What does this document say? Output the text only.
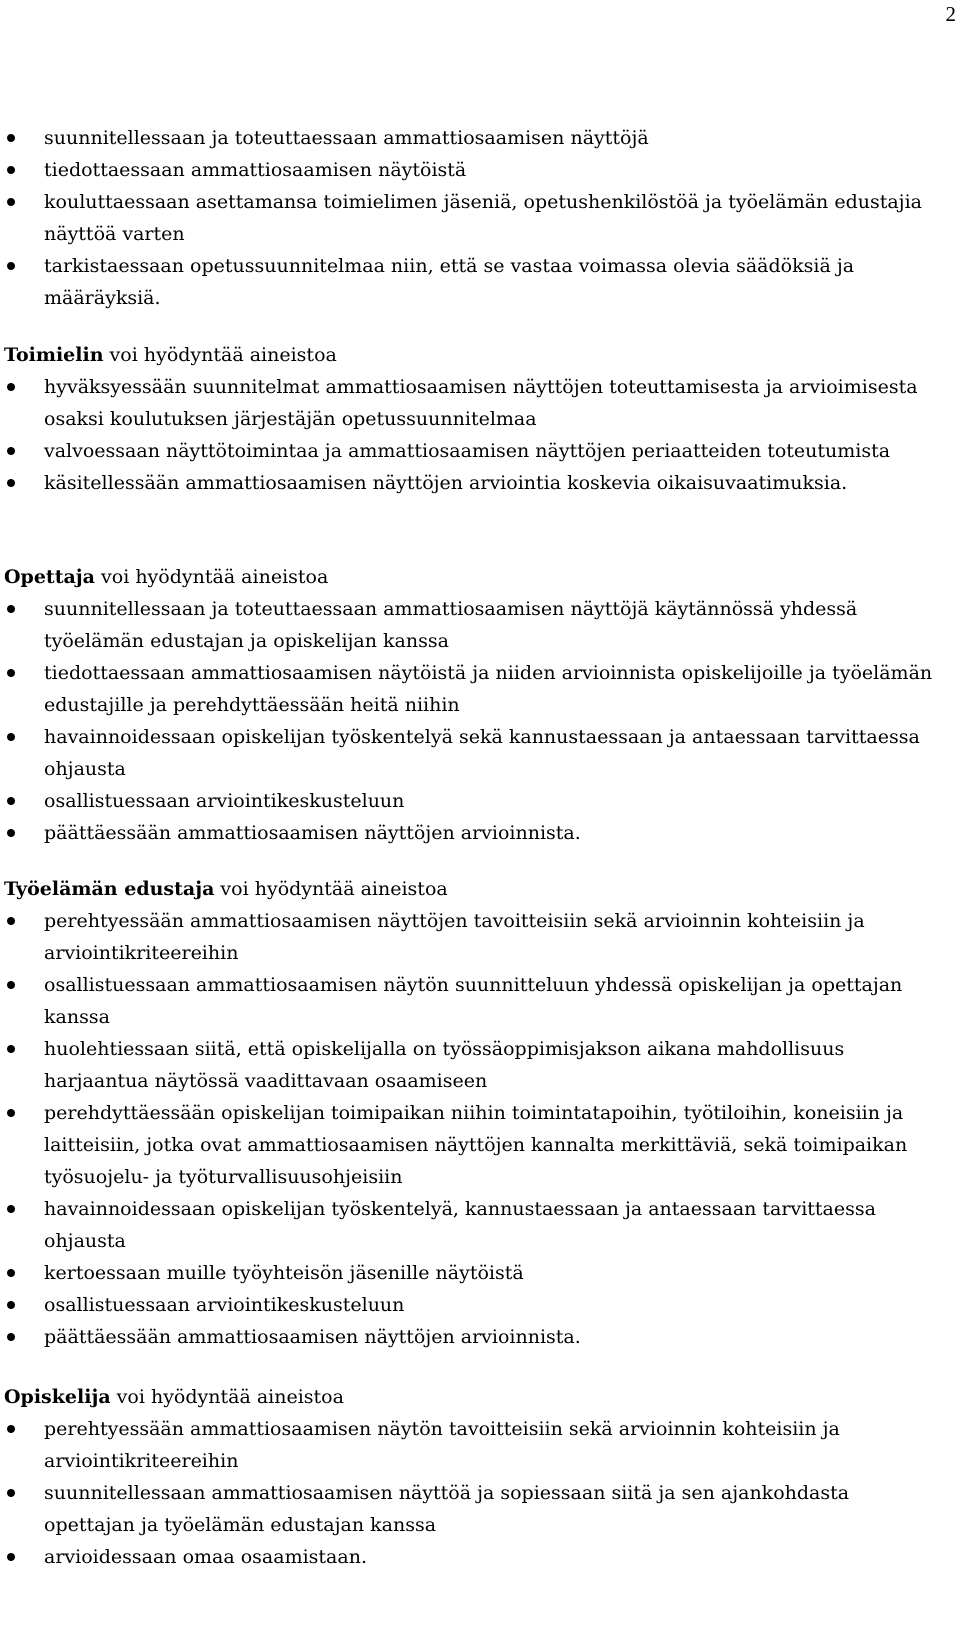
2
suunnitellessaan ja toteuttaessaan ammattiosaamisen näyttöjä
tiedottaessaan ammattiosaamisen näytöistä
kouluttaessaan asettamansa toimielimen jäseniä, opetushenkilöstöä ja työelämän edustajia näyttöä varten
tarkistaessaan opetussuunnitelmaa niin, että se vastaa voimassa olevia säädöksiä ja määräyksiä.

Toimielin voi hyödyntää aineistoa

hyväksyessään suunnitelmat ammattiosaamisen näyttöjen toteuttamisesta ja arvioimisesta osaksi koulutuksen järjestäjän opetussuunnitelmaa
valvoessaan näyttötoimintaa ja ammattiosaamisen näyttöjen periaatteiden toteutumista
käsitellessään ammattiosaamisen näyttöjen arviointia koskevia oikaisuvaatimuksia.

Opettaja voi hyödyntää aineistoa

suunnitellessaan ja toteuttaessaan ammattiosaamisen näyttöjä käytännössä yhdessä työelämän edustajan ja opiskelijan kanssa
tiedottaessaan ammattiosaamisen näytöistä ja niiden arvioinnista opiskelijoille ja työelämän edustajille ja perehdyttäessään heitä niihin
havainnoidessaan opiskelijan työskentelyä sekä kannustaessaan ja antaessaan tarvittaessa ohjausta
osallistuessaan arviointikeskusteluun
päättäessään ammattiosaamisen näyttöjen arvioinnista.

Työelämän edustaja voi hyödyntää aineistoa

perehtyessään ammattiosaamisen näyttöjen tavoitteisiin sekä arvioinnin kohteisiin ja arviointikriteereihin
osallistuessaan ammattiosaamisen näytön suunnitteluun yhdessä opiskelijan ja opettajan kanssa
huolehtiessaan siitä, että opiskelijalla on työssäoppimisjakson aikana mahdollisuus harjaantua näytössä vaadittavaan osaamiseen
perehdyttäessään opiskelijan toimipaikan niihin toimintatapoihin, työtiloihin, koneisiin ja laitteisiin, jotka ovat ammattiosaamisen näyttöjen kannalta merkittäviä, sekä toimipaikan työsuojelu- ja työturvallisuusohjeisiin
havainnoidessaan opiskelijan työskentelyä, kannustaessaan ja antaessaan tarvittaessa ohjausta
kertoessaan muille työyhteisön jäsenille näytöistä
osallistuessaan arviointikeskusteluun
päättäessään ammattiosaamisen näyttöjen arvioinnista.

Opiskelija voi hyödyntää aineistoa

perehtyessään ammattiosaamisen näytön tavoitteisiin sekä arvioinnin kohteisiin ja arviointikriteereihin
suunnitellessaan ammattiosaamisen näyttöä ja sopiessaan siitä ja sen ajankohdasta opettajan ja työelämän edustajan kanssa
arvioidessaan omaa osaamistaan.
